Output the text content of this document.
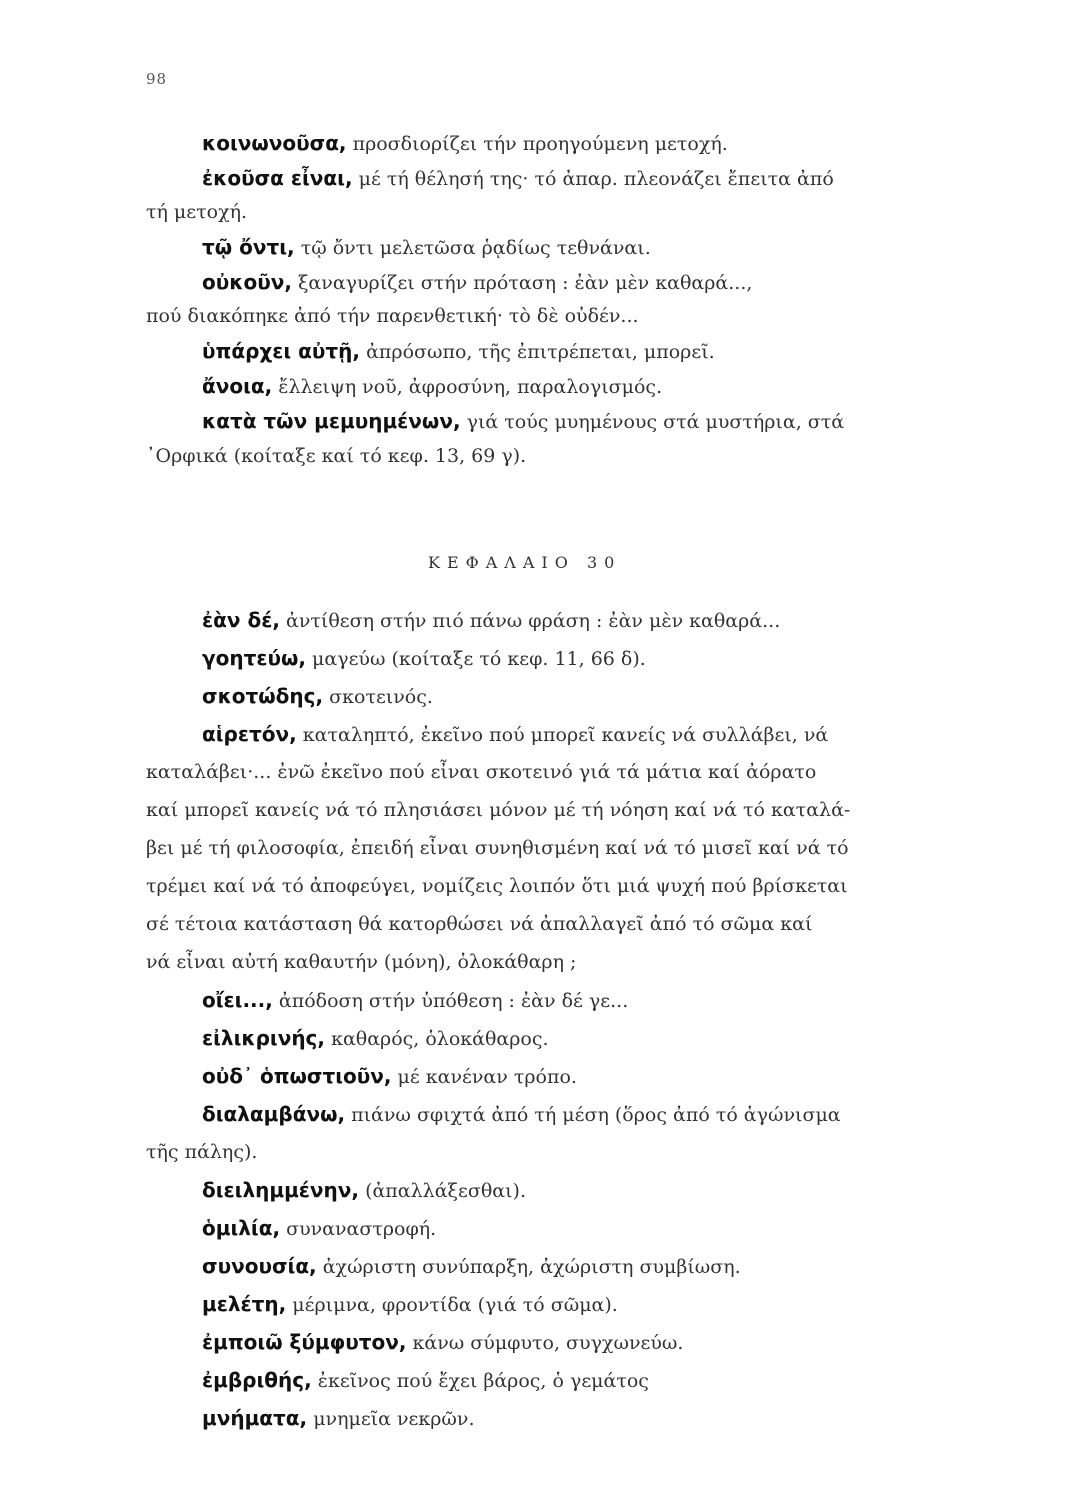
98
κοινωνοῦσα, προσδιορίζει τήν προηγούμενη μετοχή.
ἐκοῦσα εἶναι, μέ τή θέλησή της· τό ἀπαρ. πλεονάζει ἔπειτα ἀπό
τή μετοχή.
τῷ ὄντι, τῷ ὄντι μελετῶσα ῥᾳδίως τεθνάναι.
οὐκοῦν, ξαναγυρίζει στήν πρόταση : ἐὰν μὲν καθαρά...,
πού διακόπηκε ἀπό τήν παρενθετική· τὸ δὲ οὐδέν...
ὑπάρχει αὐτῇ, ἀπρόσωπο, τῆς ἐπιτρέπεται, μπορεῖ.
ἄνοια, ἔλλειψη νοῦ, ἀφροσύνη, παραλογισμός.
κατὰ τῶν μεμυημένων, γιά τούς μυημένους στά μυστήρια, στά
᾿Ορφικά (κοίταξε καί τό κεφ. 13, 69 γ).
ΚΕΦΑΛΑΙΟ 30
ἐὰν δέ, ἀντίθεση στήν πιό πάνω φράση : ἐὰν μὲν καθαρά...
γοητεύω, μαγεύω (κοίταξε τό κεφ. 11, 66 δ).
σκοτώδης, σκοτεινός.
αἱρετόν, καταληπτό, ἐκεῖνο πού μπορεῖ κανείς νά συλλάβει, νά
καταλάβει·... ἐνῶ ἐκεῖνο πού εἶναι σκοτεινό γιά τά μάτια καί ἀόρατο
καί μπορεῖ κανείς νά τό πλησιάσει μόνον μέ τή νόηση καί νά τό καταλά-
βει μέ τή φιλοσοφία, ἐπειδή εἶναι συνηθισμένη καί νά τό μισεῖ καί νά τό
τρέμει καί νά τό ἀποφεύγει, νομίζεις λοιπόν ὅτι μιά ψυχή πού βρίσκεται
σέ τέτοια κατάσταση θά κατορθώσει νά ἀπαλλαγεῖ ἀπό τό σῶμα καί
νά εἶναι αὐτή καθαυτήν (μόνη), ὁλοκάθαρη ;
οἴει..., ἀπόδοση στήν ὑπόθεση : ἐὰν δέ γε...
εἰλικρινής, καθαρός, ὁλοκάθαρος.
οὐδ᾿ ὁπωστιοῦν, μέ κανέναν τρόπο.
διαλαμβάνω, πιάνω σφιχτά ἀπό τή μέση (ὅρος ἀπό τό ἀγώνισμα
τῆς πάλης).
διειλημμένην, (ἀπαλλάξεσθαι).
ὁμιλία, συναναστροφή.
συνουσία, ἀχώριστη συνύπαρξη, ἀχώριστη συμβίωση.
μελέτη, μέριμνα, φροντίδα (γιά τό σῶμα).
ἐμποιῶ ξύμφυτον, κάνω σύμφυτο, συγχωνεύω.
ἐμβριθής, ἐκεῖνος πού ἔχει βάρος, ὁ γεμάτος
μνήματα, μνημεῖα νεκρῶν.
